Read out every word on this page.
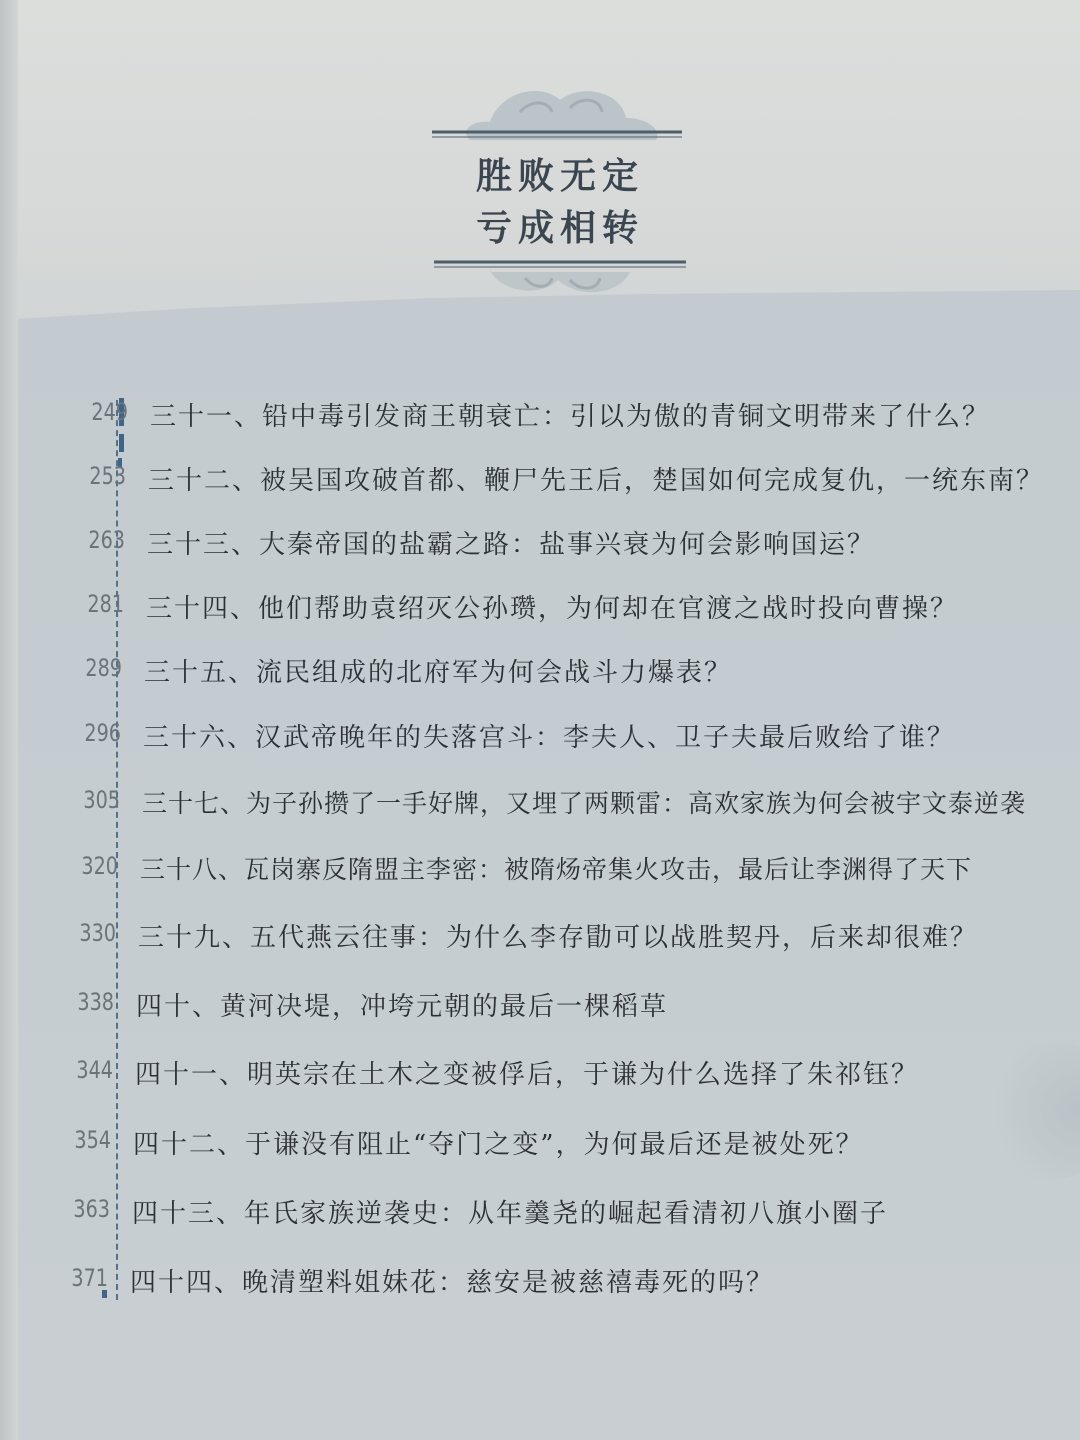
胜败无定
亏成相转
249 三十一、铅中毒引发商王朝衰亡：引以为傲的青铜文明带来了什么？
253 三十二、被吴国攻破首都、鞭尸先王后，楚国如何完成复仇，一统东南？
263 三十三、大秦帝国的盐霸之路：盐事兴衰为何会影响国运？
281 三十四、他们帮助袁绍灭公孙瓒，为何却在官渡之战时投向曹操？
289 三十五、流民组成的北府军为何会战斗力爆表？
296 三十六、汉武帝晚年的失落宫斗：李夫人、卫子夫最后败给了谁？
305 三十七、为子孙攒了一手好牌，又埋了两颗雷：高欢家族为何会被宇文泰逆袭
320 三十八、瓦岗寨反隋盟主李密：被隋炀帝集火攻击，最后让李渊得了天下
330 三十九、五代燕云往事：为什么李存勖可以战胜契丹，后来却很难？
338 四十、黄河决堤，冲垮元朝的最后一棵稻草
344 四十一、明英宗在土木之变被俘后，于谦为什么选择了朱祁钰？
354 四十二、于谦没有阻止“夺门之变”，为何最后还是被处死？
363 四十三、年氏家族逆袭史：从年羹尧的崛起看清初八旗小圈子
371 四十四、晚清塑料姐妹花：慈安是被慈禧毒死的吗？
